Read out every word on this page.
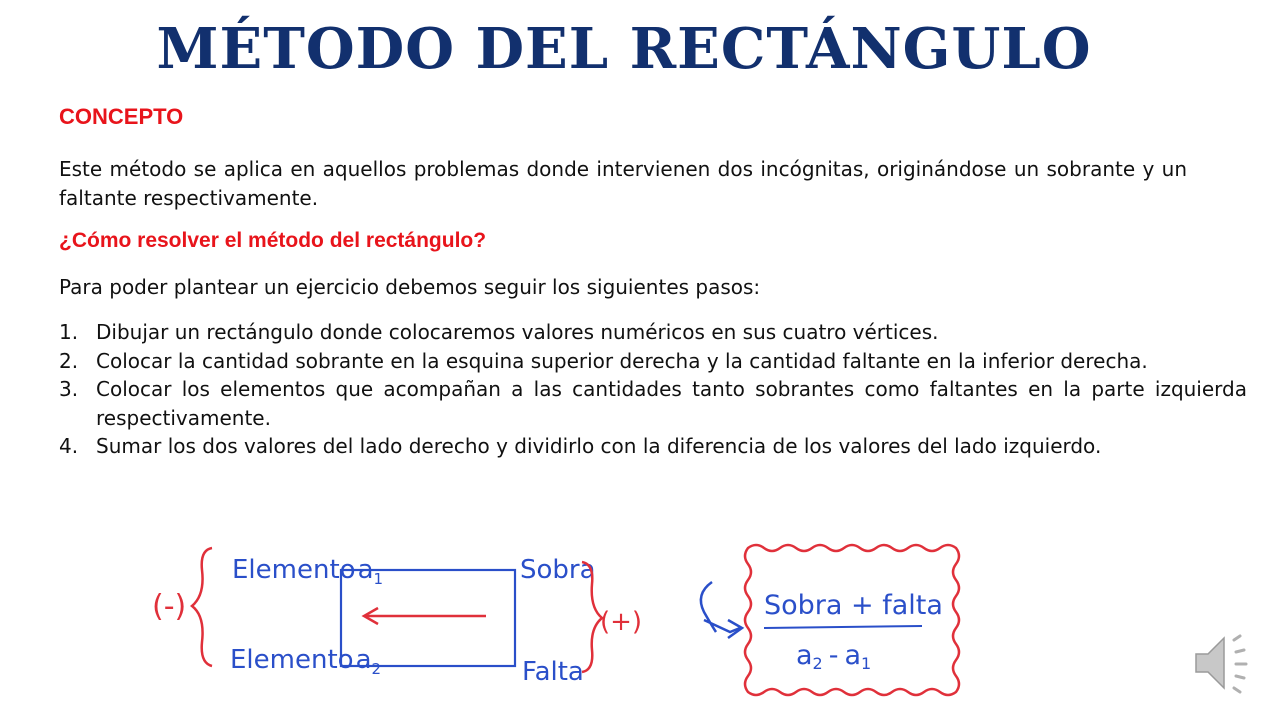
MÉTODO DEL RECTÁNGULO
CONCEPTO
Este método se aplica en aquellos problemas donde intervienen dos incógnitas, originándose un sobrante y un faltante respectivamente.
¿Cómo resolver el método del rectángulo?
Para poder plantear un ejercicio debemos seguir los siguientes pasos:
1. Dibujar un rectángulo donde colocaremos valores numéricos en sus cuatro vértices.
2. Colocar la cantidad sobrante en la esquina superior derecha y la cantidad faltante en la inferior derecha.
3. Colocar los elementos que acompañan a las cantidades tanto sobrantes como faltantes en la parte izquierda respectivamente.
4. Sumar los dos valores del lado derecho y dividirlo con la diferencia de los valores del lado izquierdo.
(-)
Elementoa$_1$
Elementoa$_2$
Sobra
Falta
(+)
Sobra + falta
a2 - a1
